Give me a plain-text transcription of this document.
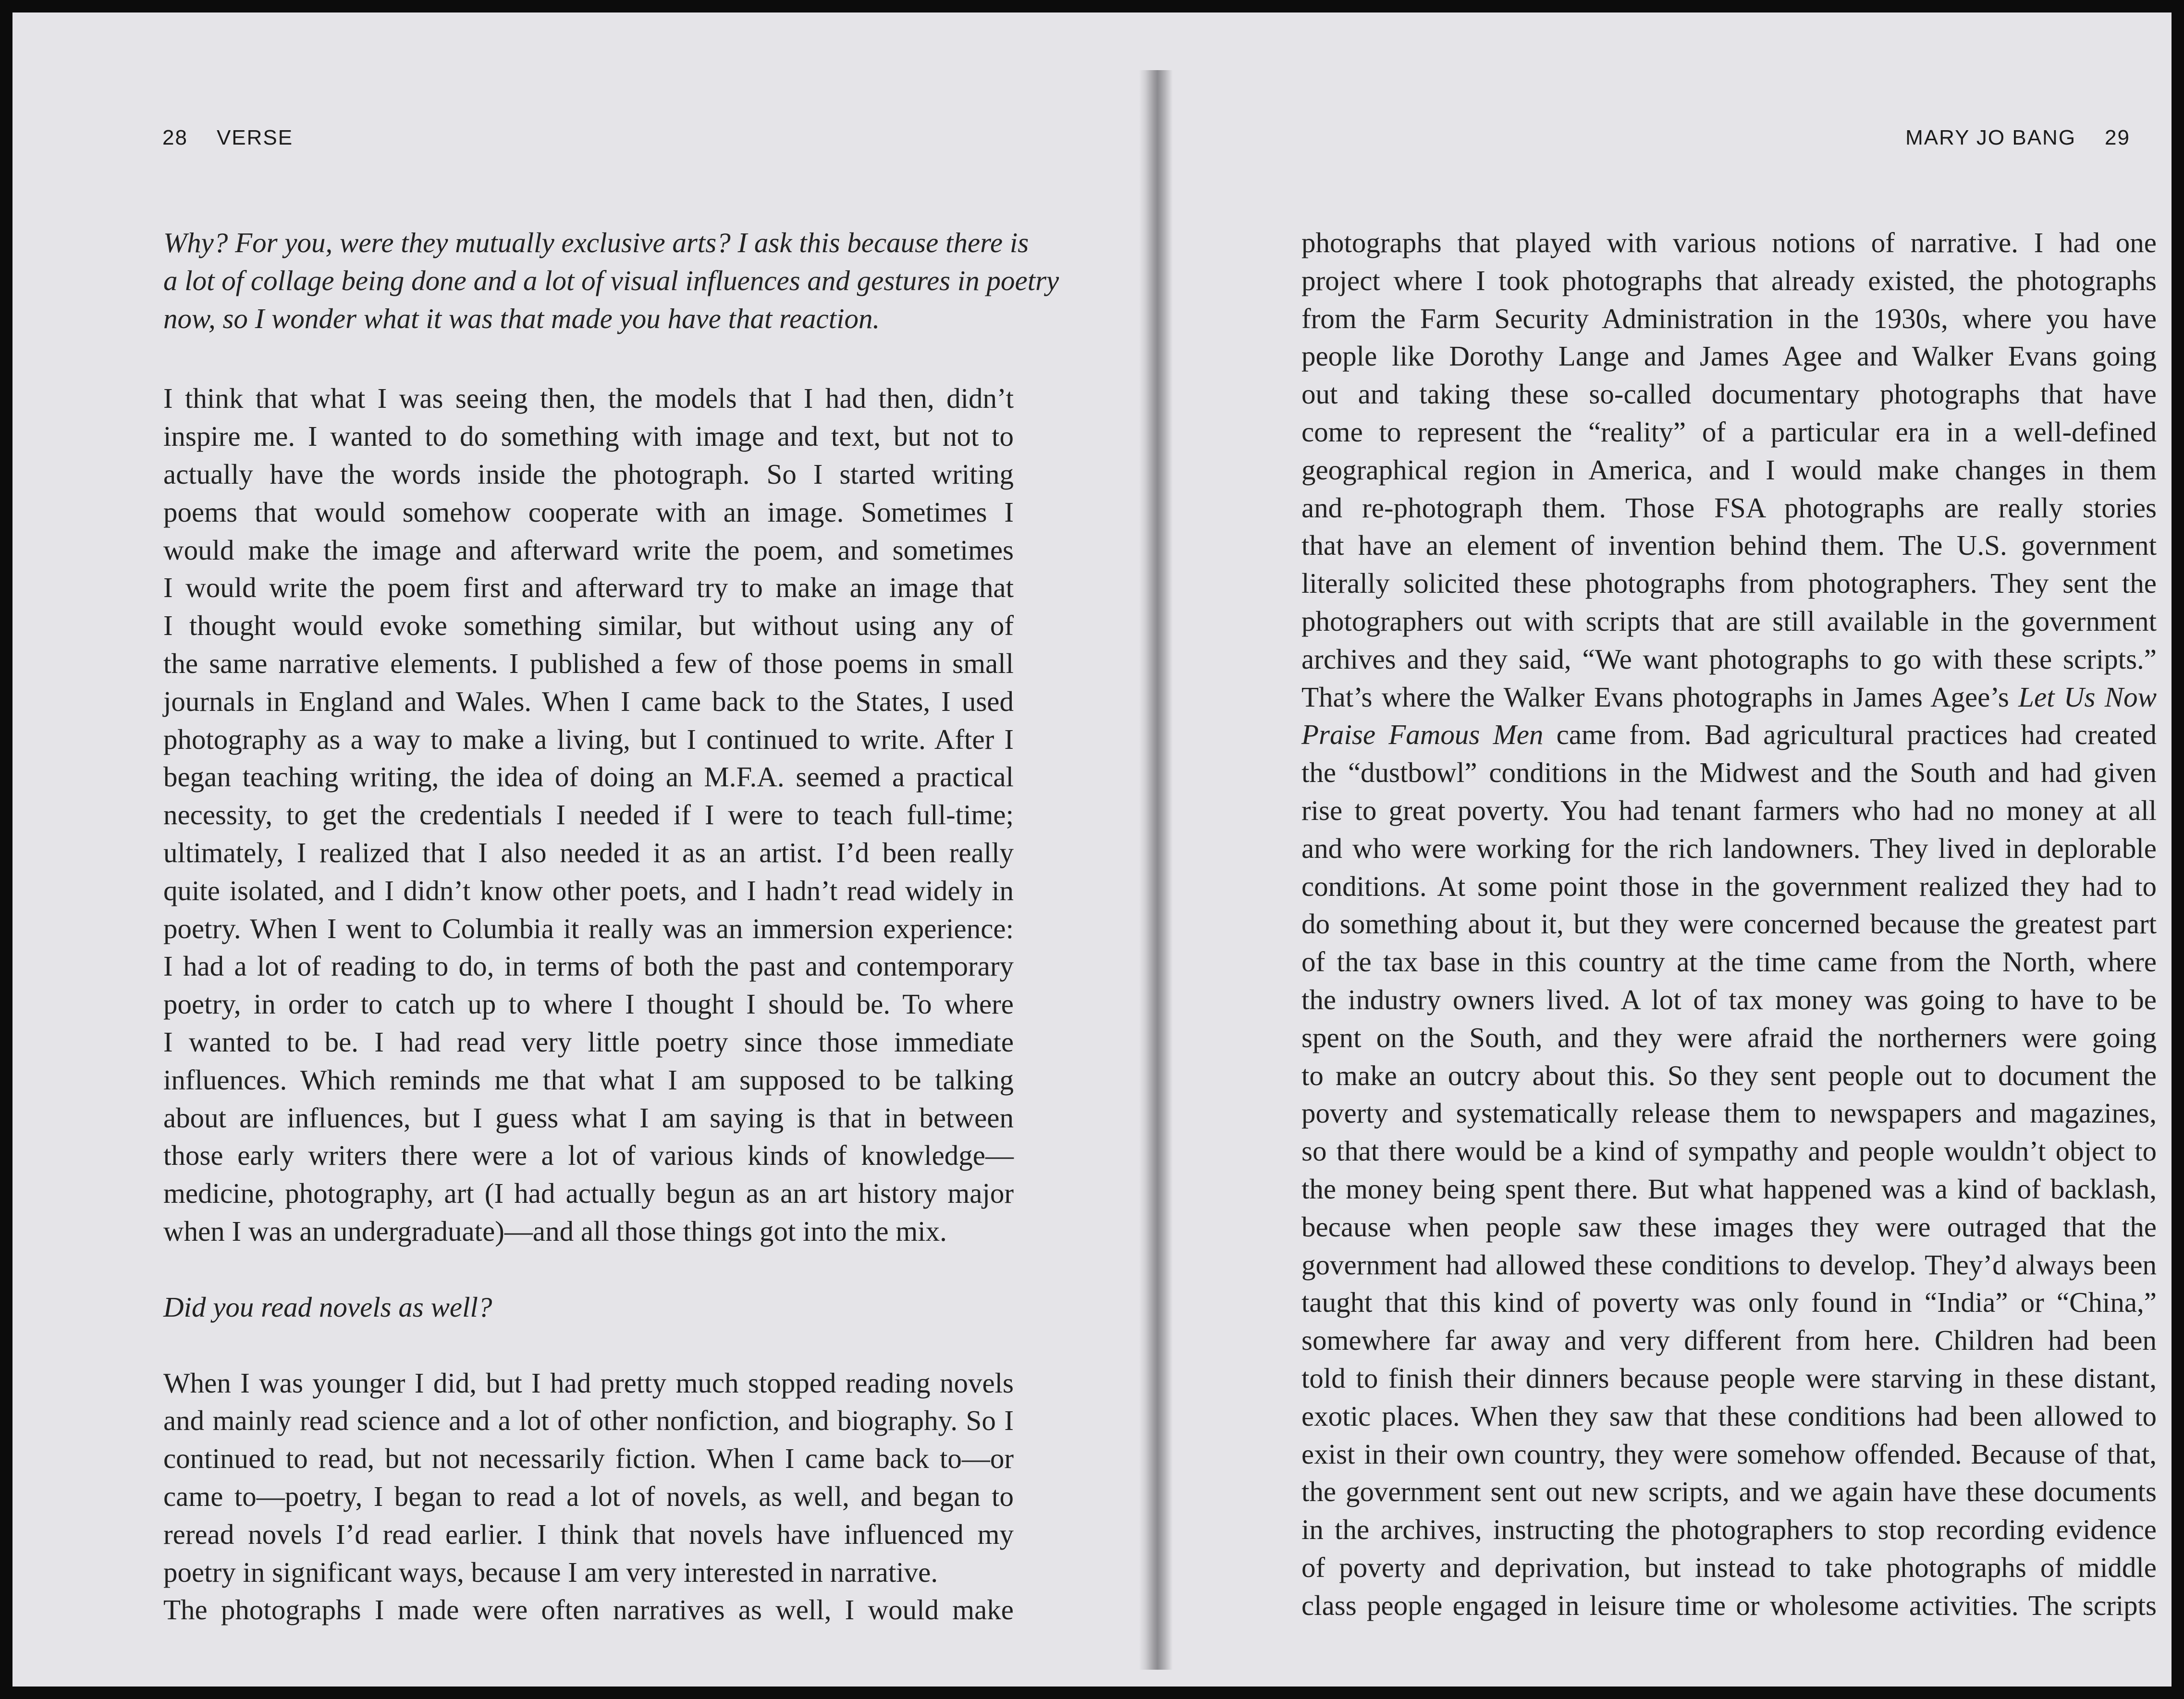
28 VERSE	MARY JO BANG 29
Why? For you, were they mutually exclusive arts? I ask this because there is
a lot of collage being done and a lot of visual influences and gestures in poetry
now, so I wonder what it was that made you have that reaction.
I think that what I was seeing then, the models that I had then, didn’t
inspire me. I wanted to do something with image and text, but not to
actually have the words inside the photograph. So I started writing
poems that would somehow cooperate with an image. Sometimes I
would make the image and afterward write the poem, and sometimes
I would write the poem first and afterward try to make an image that
I thought would evoke something similar, but without using any of
the same narrative elements. I published a few of those poems in small
journals in England and Wales. When I came back to the States, I used
photography as a way to make a living, but I continued to write. After I
began teaching writing, the idea of doing an M.F.A. seemed a practical
necessity, to get the credentials I needed if I were to teach full-time;
ultimately, I realized that I also needed it as an artist. I’d been really
quite isolated, and I didn’t know other poets, and I hadn’t read widely in
poetry. When I went to Columbia it really was an immersion experience:
I had a lot of reading to do, in terms of both the past and contemporary
poetry, in order to catch up to where I thought I should be. To where
I wanted to be. I had read very little poetry since those immediate
influences. Which reminds me that what I am supposed to be talking
about are influences, but I guess what I am saying is that in between
those early writers there were a lot of various kinds of knowledge—
medicine, photography, art (I had actually begun as an art history major
when I was an undergraduate)—and all those things got into the mix.
Did you read novels as well?
When I was younger I did, but I had pretty much stopped reading novels
and mainly read science and a lot of other nonfiction, and biography. So I
continued to read, but not necessarily fiction. When I came back to—or
came to—poetry, I began to read a lot of novels, as well, and began to
reread novels I’d read earlier. I think that novels have influenced my
poetry in significant ways, because I am very interested in narrative.
The photographs I made were often narratives as well, I would make
photographs that played with various notions of narrative. I had one
project where I took photographs that already existed, the photographs
from the Farm Security Administration in the 1930s, where you have
people like Dorothy Lange and James Agee and Walker Evans going
out and taking these so-called documentary photographs that have
come to represent the “reality” of a particular era in a well-defined
geographical region in America, and I would make changes in them
and re-photograph them. Those FSA photographs are really stories
that have an element of invention behind them. The U.S. government
literally solicited these photographs from photographers. They sent the
photographers out with scripts that are still available in the government
archives and they said, “We want photographs to go with these scripts.”
That’s where the Walker Evans photographs in James Agee’s Let Us Now
Praise Famous Men came from. Bad agricultural practices had created
the “dustbowl” conditions in the Midwest and the South and had given
rise to great poverty. You had tenant farmers who had no money at all
and who were working for the rich landowners. They lived in deplorable
conditions. At some point those in the government realized they had to
do something about it, but they were concerned because the greatest part
of the tax base in this country at the time came from the North, where
the industry owners lived. A lot of tax money was going to have to be
spent on the South, and they were afraid the northerners were going
to make an outcry about this. So they sent people out to document the
poverty and systematically release them to newspapers and magazines,
so that there would be a kind of sympathy and people wouldn’t object to
the money being spent there. But what happened was a kind of backlash,
because when people saw these images they were outraged that the
government had allowed these conditions to develop. They’d always been
taught that this kind of poverty was only found in “India” or “China,”
somewhere far away and very different from here. Children had been
told to finish their dinners because people were starving in these distant,
exotic places. When they saw that these conditions had been allowed to
exist in their own country, they were somehow offended. Because of that,
the government sent out new scripts, and we again have these documents
in the archives, instructing the photographers to stop recording evidence
of poverty and deprivation, but instead to take photographs of middle
class people engaged in leisure time or wholesome activities. The scripts
